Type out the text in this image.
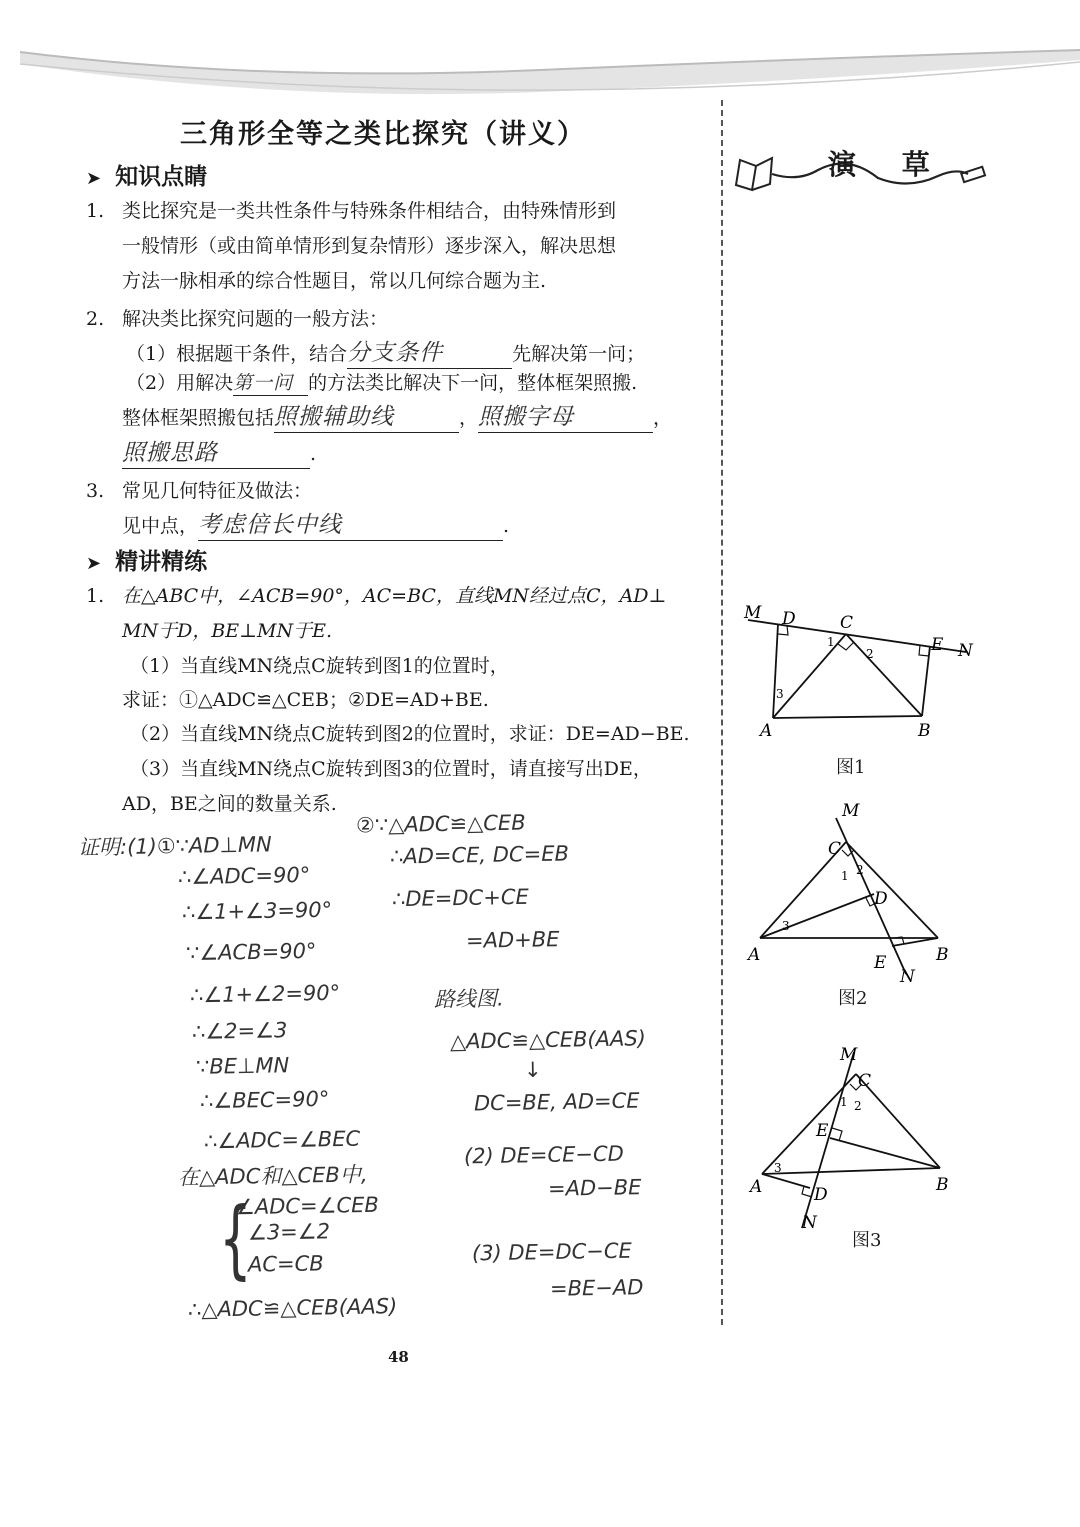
三角形全等之类比探究（讲义）
演 草
➤ 知识点睛
1. 类比探究是一类共性条件与特殊条件相结合，由特殊情形到
一般情形（或由简单情形到复杂情形）逐步深入，解决思想
方法一脉相承的综合性题目，常以几何综合题为主.
2. 解决类比探究问题的一般方法：
（1）根据题干条件，结合分支条件	先解决第一问；
（2）用解决第一问 的方法类比解决下一问，整体框架照搬.
整体框架照搬包括照搬辅助线	，照搬字母	，
照搬思路	.
3. 常见几何特征及做法：
见中点，考虑倍长中线	.
➤ 精讲精练
1. 在△ABC中，∠ACB=90°，AC=BC，直线MN经过点C，AD⊥
MN于D，BE⊥MN于E.
（1）当直线MN绕点C旋转到图1的位置时，
求证：①△ADC≌△CEB；②DE=AD+BE.
（2）当直线MN绕点C旋转到图2的位置时，求证：DE=AD−BE.
（3）当直线MN绕点C旋转到图3的位置时，请直接写出DE，
AD，BE之间的数量关系.
证明:(1)①∵AD⊥MN
∴∠ADC=90°
∴∠1+∠3=90°
∵∠ACB=90°
∴∠1+∠2=90°
∴∠2=∠3
∵BE⊥MN
∴∠BEC=90°
∴∠ADC=∠BEC
在△ADC和△CEB中,
{
∠ADC=∠CEB
∠3=∠2
AC=CB
∴△ADC≌△CEB(AAS)
②∵△ADC≌△CEB
∴AD=CE, DC=EB
∴DE=DC+CE
=AD+BE
路线图.
△ADC≌△CEB(AAS)
↓
DC=BE, AD=CE
(2) DE=CE−CD
=AD−BE
(3) DE=DC−CE
=BE−AD
M D	C
E N
A	B
1
2
3
图1
M
C
D
A	B
E
N
1 2
3
图2
M
C
E
A	D	B
N
1 2
3
图3
48
